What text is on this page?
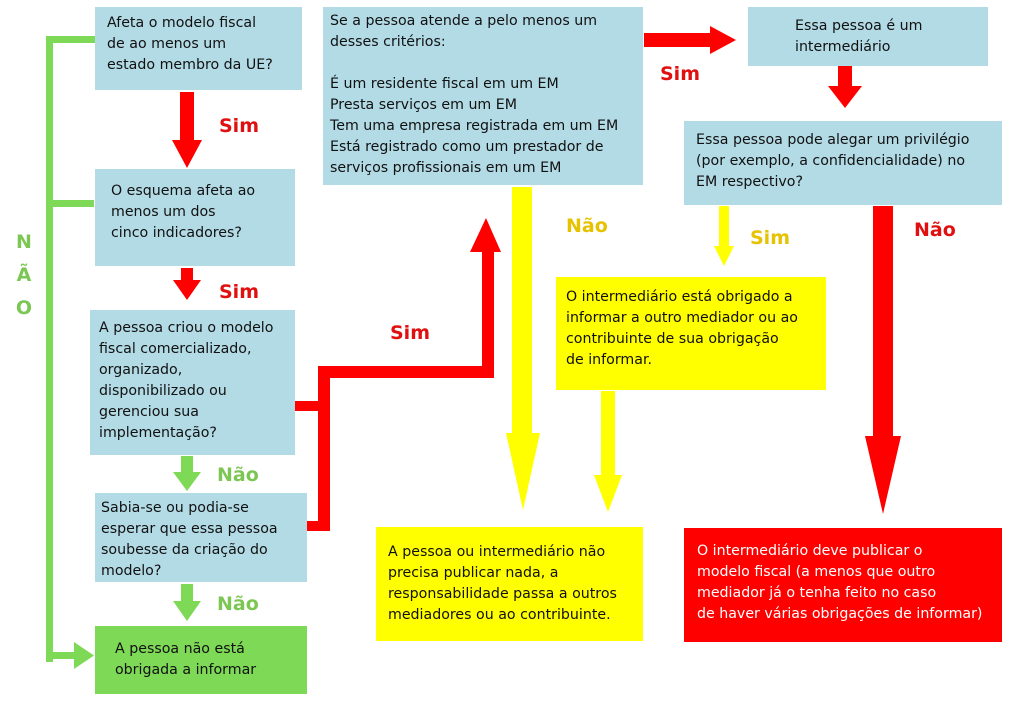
Afeta o modelo fiscal
de ao menos um
estado membro da UE?
O esquema afeta ao
menos um dos
cinco indicadores?
A pessoa criou o modelo
fiscal comercializado,
organizado,
disponibilizado ou
gerenciou sua
implementação?
Sabia-se ou podia-se
esperar que essa pessoa
soubesse da criação do
modelo?
A pessoa não está
obrigada a informar
Se a pessoa atende a pelo menos um
desses critérios:

É um residente fiscal em um EM
Presta serviços em um EM
Tem uma empresa registrada em um EM
Está registrado como um prestador de
serviços profissionais em um EM
Essa pessoa é um
intermediário
Essa pessoa pode alegar um privilégio
(por exemplo, a confidencialidade) no
EM respectivo?
O intermediário está obrigado a
informar a outro mediador ou ao
contribuinte de sua obrigação
de informar.
A pessoa ou intermediário não
precisa publicar nada, a
responsabilidade passa a outros
mediadores ou ao contribuinte.
O intermediário deve publicar o
modelo fiscal (a menos que outro
mediador já o tenha feito no caso
de haver várias obrigações de informar)
Sim
Sim
Não
Não
Sim
Sim
Não
Sim	Não
N
Ã
O
